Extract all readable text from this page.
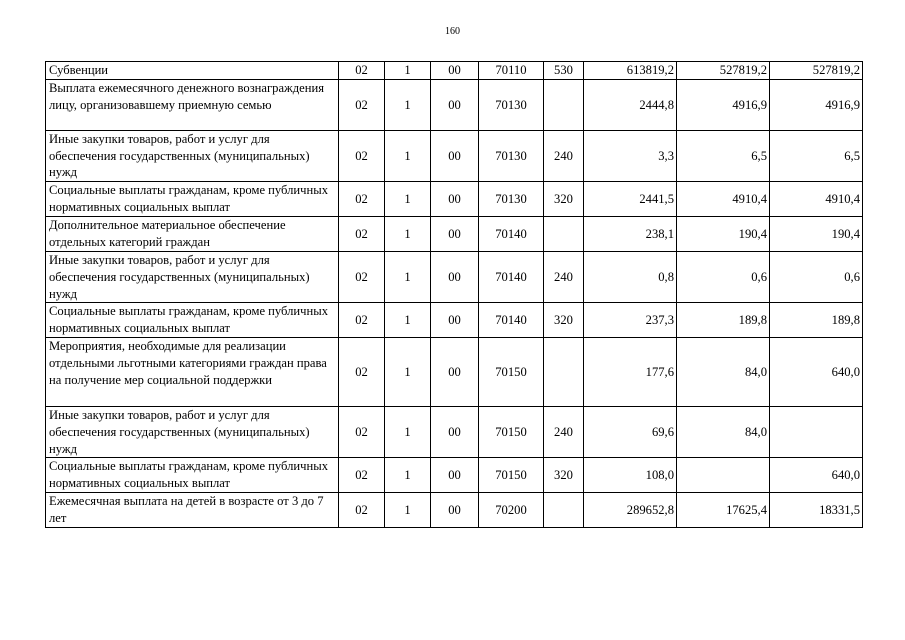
160
Субвенции	02	1	00	70110	530	613819,2	527819,2	527819,2
Выплата ежемесячного денежного вознаграждения лицу, организовавшему приемную семью	02	1	00	70130		2444,8	4916,9	4916,9
Иные закупки товаров, работ и услуг для обеспечения государственных (муниципальных) нужд	02	1	00	70130	240	3,3	6,5	6,5
Социальные выплаты гражданам, кроме публичных нормативных социальных выплат	02	1	00	70130	320	2441,5	4910,4	4910,4
Дополнительное материальное обеспечение отдельных категорий граждан	02	1	00	70140		238,1	190,4	190,4
Иные закупки товаров, работ и услуг для обеспечения государственных (муниципальных) нужд	02	1	00	70140	240	0,8	0,6	0,6
Социальные выплаты гражданам, кроме публичных нормативных социальных выплат	02	1	00	70140	320	237,3	189,8	189,8
Мероприятия, необходимые для реализации отдельными льготными категориями граждан права на получение мер социальной поддержки	02	1	00	70150		177,6	84,0	640,0
Иные закупки товаров, работ и услуг для обеспечения государственных (муниципальных) нужд	02	1	00	70150	240	69,6	84,0	
Социальные выплаты гражданам, кроме публичных нормативных социальных выплат	02	1	00	70150	320	108,0		640,0
Ежемесячная выплата на детей в возрасте от 3 до 7 лет	02	1	00	70200		289652,8	17625,4	18331,5
